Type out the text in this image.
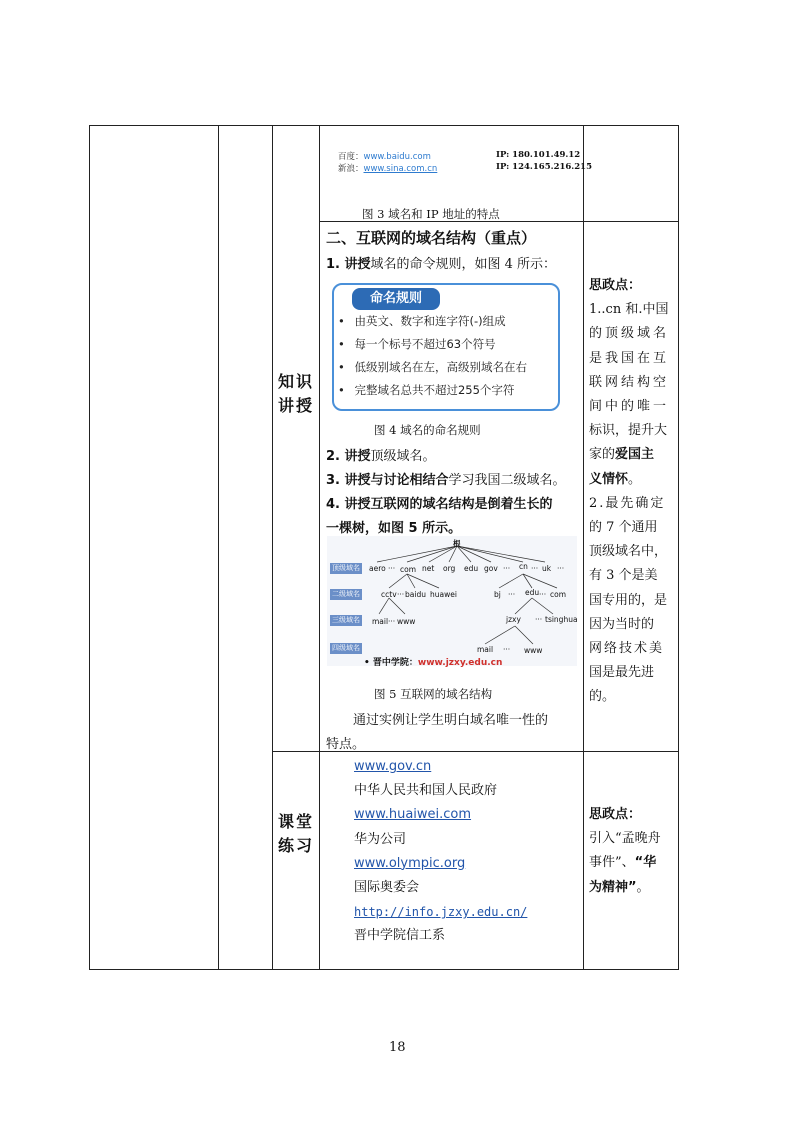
百度：www.baidu.com	IP: 180.101.49.12
新浪：www.sina.com.cn	IP: 124.165.216.215
图 3 域名和 IP 地址的特点
知识
讲授
二、互联网的域名结构（重点）
1. 讲授域名的命令规则，如图 4 所示：
命名规则
• 由英文、数字和连字符(-)组成
• 每一个标号不超过63个符号
• 低级别域名在左，高级别域名在右
• 完整域名总共不超过255个字符
图 4 域名的命名规则
2. 讲授顶级域名。
3. 讲授与讨论相结合学习我国二级域名。
4. 讲授互联网的域名结构是倒着生长的
一棵树，如图 5 所示。
根
顶级域名
二级域名
三级域名
四级域名
aero ··· com net org edu gov ··· cn ··· uk ···
cctv ··· baidu huawei	bj ··· edu ··· com
mail ··· www	jzxy ··· tsinghua
mail ··· www
• 晋中学院：www.jzxy.edu.cn
图 5 互联网的域名结构
通过实例让学生明白域名唯一性的
特点。
思政点：
1..cn 和.中国
的顶级域名
是我国在互
联网结构空
间中的唯一
标识，提升大
家的爱国主
义情怀。
2.最先确定
的 7 个通用
顶级域名中，
有 3 个是美
国专用的，是
因为当时的
网络技术美
国是最先进
的。
课堂
练习
www.gov.cn
中华人民共和国人民政府
www.huaiwei.com
华为公司
www.olympic.org
国际奥委会
http://info.jzxy.edu.cn/
晋中学院信工系
思政点：
引入“孟晚舟
事件”、“华
为精神”。
18
